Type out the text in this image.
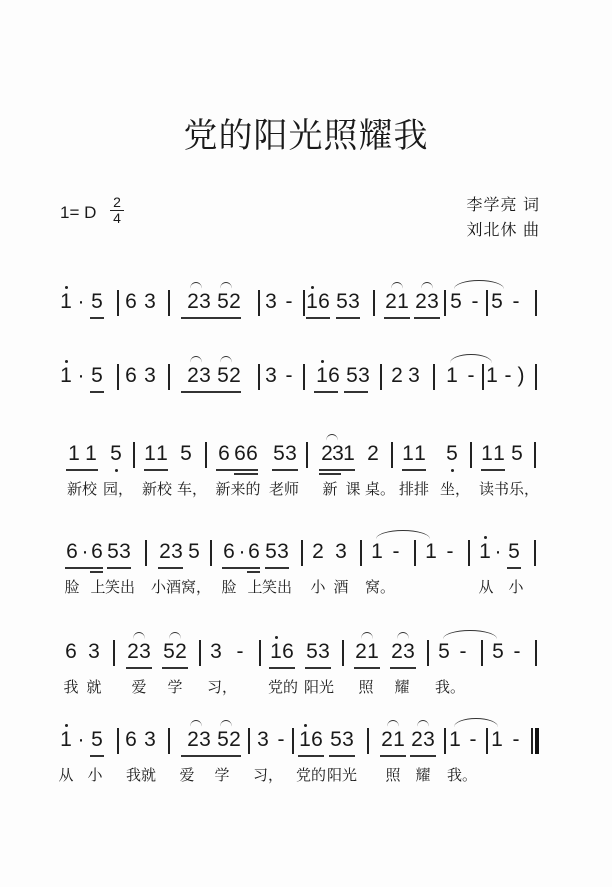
党的阳光照耀我
1= D
2
4
李学亮 词
刘北休 曲
1 · 5 6 3 2 3 5 2 3 - 1 6 5 3 2 1 2 3 5 - 5 -
1 · 5 6 3 2 3 5 2 3 - 1 6 5 3 2 3 1 - 1 - )
1 1 5 1 1 5 6 6 6 5 3 2 3 1 2 1 1 5 1 1 5
新校 园， 新校 车， 新来的 老师 新 课 桌。 排排 坐， 读书 乐，
6 · 6 5 3 2 3 5 6 · 6 5 3 2 3 1 - 1 - 1 · 5
脸 上 笑出 小酒 窝， 脸 上 笑出 小 酒 窝。	从 小
6 3 2 3 5 2 3 - 1 6 5 3 2 1 2 3 5 - 5 -
我 就 爱 学 习， 党的 阳光 照 耀 我。
1 · 5 6 3 2 3 5 2 3 - 1 6 5 3 2 1 2 3 1 - 1 -
从 小 我就 爱 学 习， 党的 阳光 照 耀 我。
